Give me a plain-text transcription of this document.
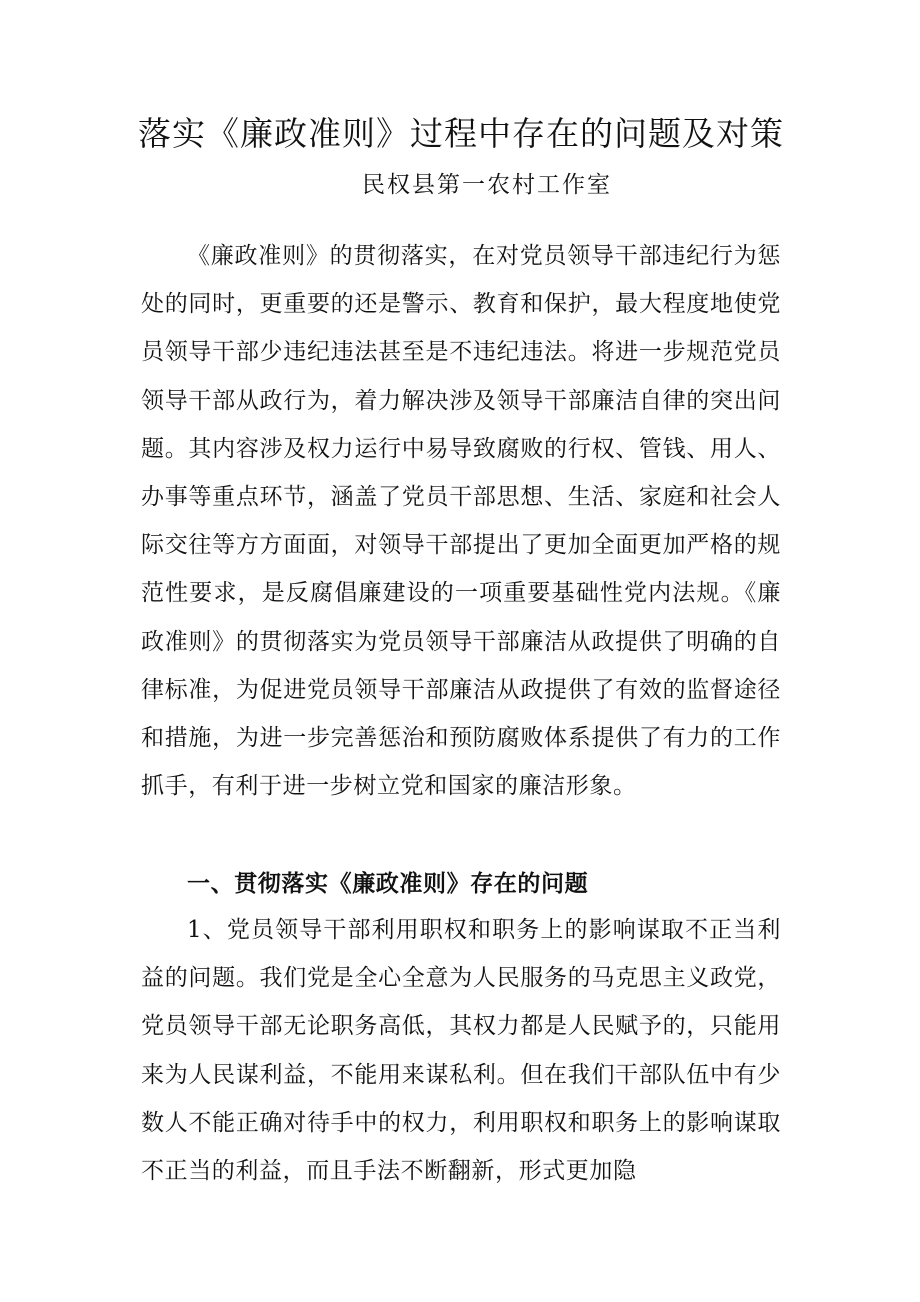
落实《廉政准则》过程中存在的问题及对策
民权县第一农村工作室

《廉政准则》的贯彻落实，在对党员领导干部违纪行为惩处的同时，更重要的还是警示、教育和保护，最大程度地使党员领导干部少违纪违法甚至是不违纪违法。将进一步规范党员领导干部从政行为，着力解决涉及领导干部廉洁自律的突出问题。其内容涉及权力运行中易导致腐败的行权、管钱、用人、办事等重点环节，涵盖了党员干部思想、生活、家庭和社会人际交往等方方面面，对领导干部提出了更加全面更加严格的规范性要求，是反腐倡廉建设的一项重要基础性党内法规。《廉政准则》的贯彻落实为党员领导干部廉洁从政提供了明确的自律标准，为促进党员领导干部廉洁从政提供了有效的监督途径和措施，为进一步完善惩治和预防腐败体系提供了有力的工作抓手，有利于进一步树立党和国家的廉洁形象。

一、贯彻落实《廉政准则》存在的问题

1、党员领导干部利用职权和职务上的影响谋取不正当利益的问题。我们党是全心全意为人民服务的马克思主义政党，党员领导干部无论职务高低，其权力都是人民赋予的，只能用来为人民谋利益，不能用来谋私利。但在我们干部队伍中有少数人不能正确对待手中的权力，利用职权和职务上的影响谋取不正当的利益，而且手法不断翻新，形式更加隐
